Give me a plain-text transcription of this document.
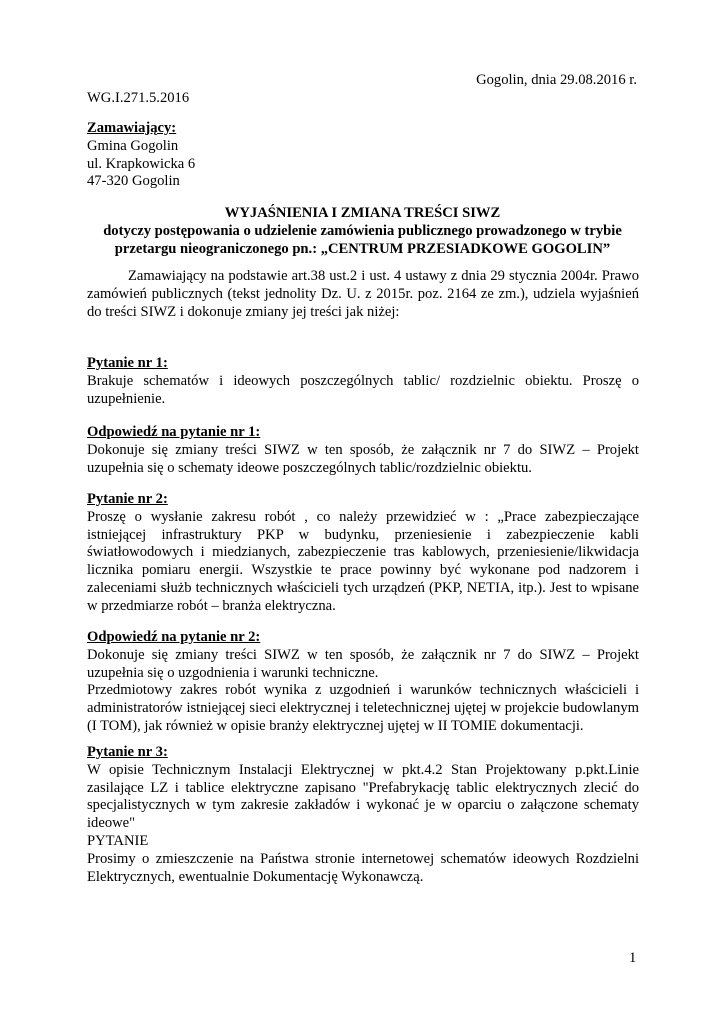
Gogolin, dnia 29.08.2016 r.
WG.I.271.5.2016

Zamawiający:

Gmina Gogolin

ul. Krapkowicka 6

47-320 Gogolin

WYJAŚNIENIA I ZMIANA TREŚCI SIWZ

dotyczy postępowania o udzielenie zamówienia publicznego prowadzonego w trybie

przetargu nieograniczonego pn.: „CENTRUM PRZESIADKOWE GOGOLIN”

Zamawiający na podstawie art.38 ust.2 i ust. 4 ustawy z dnia 29 stycznia 2004r. Prawo zamówień publicznych (tekst jednolity Dz. U. z 2015r. poz. 2164 ze zm.), udziela wyjaśnień do treści SIWZ i dokonuje zmiany jej treści jak niżej:

Pytanie nr 1:

Brakuje schematów i ideowych poszczególnych tablic/ rozdzielnic obiektu. Proszę o uzupełnienie.

Odpowiedź na pytanie nr 1:

Dokonuje się zmiany treści SIWZ w ten sposób, że załącznik nr 7 do SIWZ – Projekt uzupełnia się o schematy ideowe poszczególnych tablic/rozdzielnic obiektu.

Pytanie nr 2:

Proszę o wysłanie zakresu robót , co należy przewidzieć w : „Prace zabezpieczające istniejącej infrastruktury PKP w budynku, przeniesienie i zabezpieczenie kabli światłowodowych i miedzianych, zabezpieczenie tras kablowych, przeniesienie/likwidacja licznika pomiaru energii. Wszystkie te prace powinny być wykonane pod nadzorem i zaleceniami służb technicznych właścicieli tych urządzeń (PKP, NETIA, itp.). Jest to wpisane w przedmiarze robót – branża elektryczna.

Odpowiedź na pytanie nr 2:

Dokonuje się zmiany treści SIWZ w ten sposób, że załącznik nr 7 do SIWZ – Projekt uzupełnia się o uzgodnienia i warunki techniczne.

Przedmiotowy zakres robót wynika z uzgodnień i warunków technicznych właścicieli i administratorów istniejącej sieci elektrycznej i teletechnicznej ujętej w projekcie budowlanym (I TOM), jak również w opisie branży elektrycznej ujętej w II TOMIE dokumentacji.

Pytanie nr 3:

W opisie Technicznym Instalacji Elektrycznej w pkt.4.2 Stan Projektowany p.pkt.Linie zasilające LZ i tablice elektryczne zapisano "Prefabrykację tablic elektrycznych zlecić do specjalistycznych w tym zakresie zakładów i wykonać je w oparciu o załączone schematy ideowe"

PYTANIE

Prosimy o zmieszczenie na Państwa stronie internetowej schematów ideowych Rozdzielni Elektrycznych, ewentualnie Dokumentację Wykonawczą.

1
